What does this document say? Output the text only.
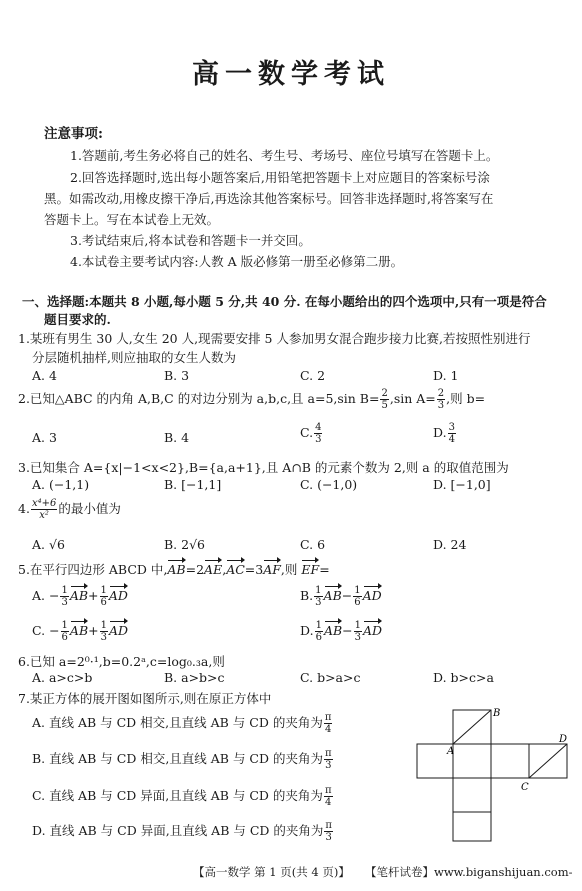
高一数学考试
注意事项:
1.答题前,考生务必将自己的姓名、考生号、考场号、座位号填写在答题卡上。
2.回答选择题时,选出每小题答案后,用铅笔把答题卡上对应题目的答案标号涂
黑。如需改动,用橡皮擦干净后,再选涂其他答案标号。回答非选择题时,将答案写在
答题卡上。写在本试卷上无效。
3.考试结束后,将本试卷和答题卡一并交回。
4.本试卷主要考试内容:人教 A 版必修第一册至必修第二册。
一、选择题:本题共 8 小题,每小题 5 分,共 40 分. 在每小题给出的四个选项中,只有一项是符合
题目要求的.
1.某班有男生 30 人,女生 20 人,现需要安排 5 人参加男女混合跑步接力比赛,若按照性别进行
分层随机抽样,则应抽取的女生人数为
A. 4	B. 3	C. 2	D. 1
2.已知△ABC 的内角 A,B,C 的对边分别为 a,b,c,且 a=5,sin $B= \frac{2}{5} ,\sin$ $A= \frac{2}{3}$ ,则 b=
A. 3	B. 4	C. $\frac{4}{3}$	D. $\frac{3}{4}$
3.已知集合 A={x|−1<x<2},B={a,a+1},且 A∩B 的元素个数为 2,则 a 的取值范围为
A. (−1,1)	B. [−1,1]	C. (−1,0)	D. [−1,0]
4. $\frac{\text{x⁴+6}}{\text{x²}}$ 的最小值为
A. √6	B. 2√6	C. 6	D. 24
5.在平行四边形 ABCD 中,AB=2AE,AC=3AF,则 EF=
A. − $\frac{1}{3} AB+ \frac{1}{6}$ AD	B. $\frac{1}{3} AB- \frac{1}{6}$ AD
C. − $\frac{1}{6} AB+ \frac{1}{3}$ AD	D. $\frac{1}{6} AB- \frac{1}{3}$ AD
6.已知 a=2⁰·¹,b=0.2ᵃ,c=log₀.₃a,则
A. a>c>b	B. a>b>c	C. b>a>c	D. b>c>a
7.某正方体的展开图如图所示,则在原正方体中
A. 直线 AB 与 CD 相交,且直线 AB 与 CD 的夹角为 $\frac{\pi}{4}$
B. 直线 AB 与 CD 相交,且直线 AB 与 CD 的夹角为 $\frac{\pi}{3}$
C. 直线 AB 与 CD 异面,且直线 AB 与 CD 的夹角为 $\frac{\pi}{4}$
D. 直线 AB 与 CD 异面,且直线 AB 与 CD 的夹角为 $\frac{\pi}{3}$
A
B
C
D
【高一数学 第 1 页(共 4 页)】 【笔杆试卷】www.biganshijuan.com-
